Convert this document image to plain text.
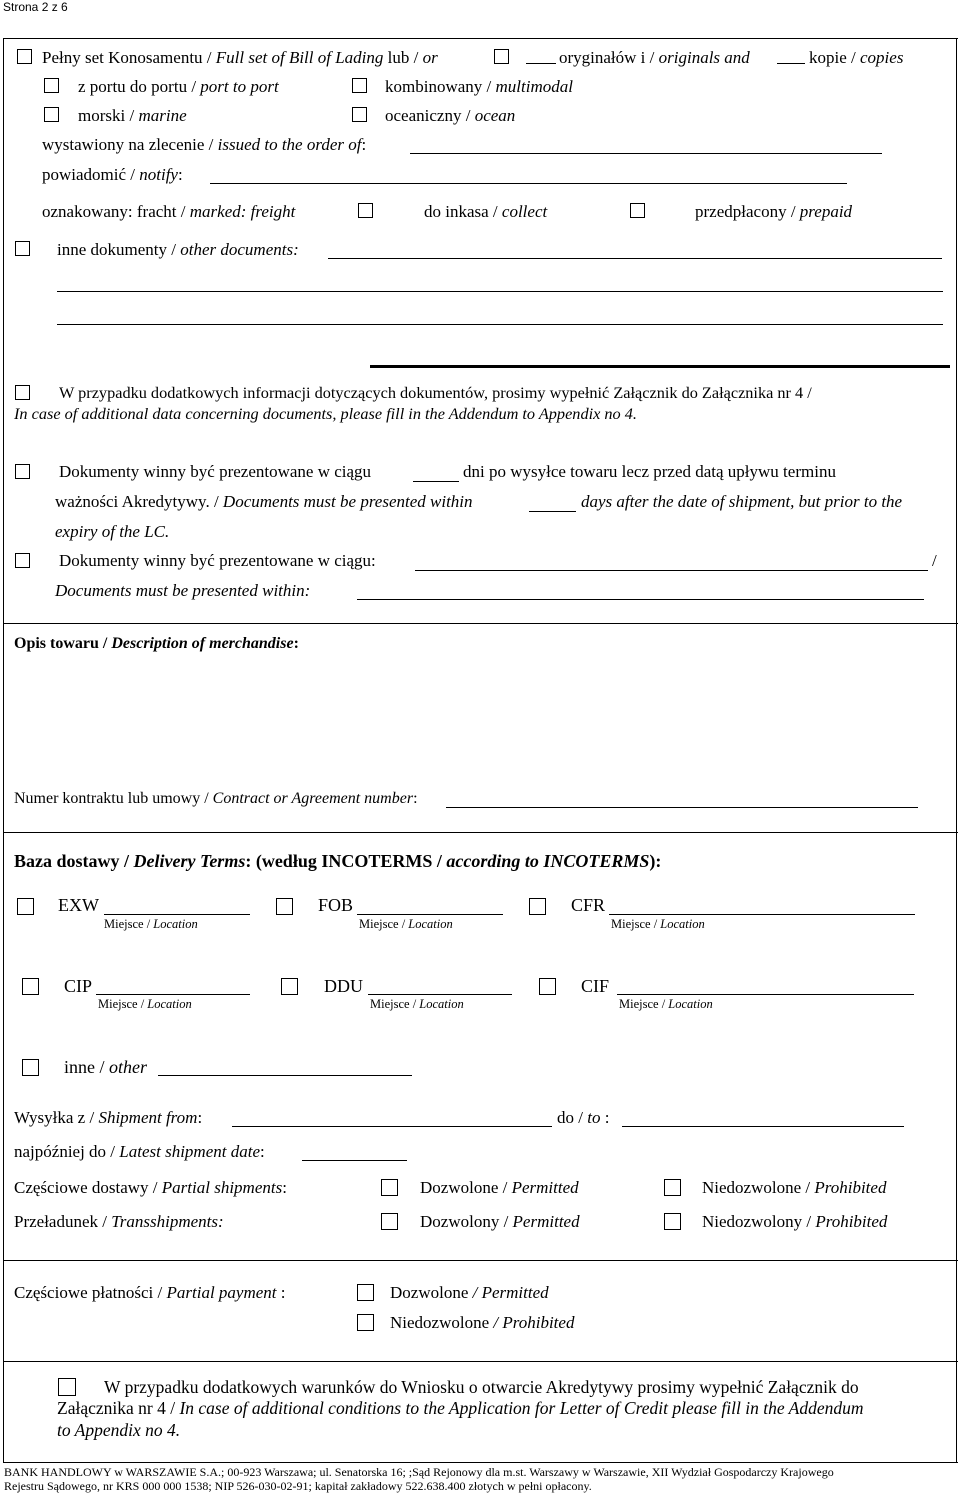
Strona 2 z 6
Pełny set Konosamentu / Full set of Bill of Lading lub / or	oryginałów i / originals and	kopie / copies
z portu do portu / port to port	kombinowany / multimodal
morski / marine	oceaniczny / ocean
wystawiony na zlecenie / issued to the order of:
powiadomić / notify:
oznakowany: fracht / marked: freight	do inkasa / collect	przedpłacony / prepaid
inne dokumenty / other documents:
W przypadku dodatkowych informacji dotyczących dokumentów, prosimy wypełnić Załącznik do Załącznika nr 4 /
In case of additional data concerning documents, please fill in the Addendum to Appendix no 4.
Dokumenty winny być prezentowane w ciągu	dni po wysyłce towaru lecz przed datą upływu terminu
ważności Akredytywy. / Documents must be presented within	days after the date of shipment, but prior to the
expiry of the LC.
Dokumenty winny być prezentowane w ciągu:	/
Documents must be presented within:
Opis towaru / Description of merchandise:
Numer kontraktu lub umowy / Contract or Agreement number:
Baza dostawy / Delivery Terms: (według INCOTERMS / according to INCOTERMS):
EXW
Miejsce / Location
FOB
Miejsce / Location
CFR
Miejsce / Location
CIP
Miejsce / Location
DDU
Miejsce / Location
CIF
Miejsce / Location
inne / other
Wysyłka z / Shipment from:	do / to :
najpóźniej do / Latest shipment date:
Częściowe dostawy / Partial shipments:	Dozwolone / Permitted	Niedozwolone / Prohibited
Przeładunek / Transshipments:	Dozwolony / Permitted	Niedozwolony / Prohibited
Częściowe płatności / Partial payment :	Dozwolone / Permitted
Niedozwolone / Prohibited
W przypadku dodatkowych warunków do Wniosku o otwarcie Akredytywy prosimy wypełnić Załącznik do
Załącznika nr 4 / In case of additional conditions to the Application for Letter of Credit please fill in the Addendum
to Appendix no 4.
BANK HANDLOWY w WARSZAWIE S.A.; 00-923 Warszawa; ul. Senatorska 16; ;Sąd Rejonowy dla m.st. Warszawy w Warszawie, XII Wydział Gospodarczy Krajowego
Rejestru Sądowego, nr KRS 000 000 1538; NIP 526-030-02-91; kapitał zakładowy 522.638.400 złotych w pełni opłacony.
